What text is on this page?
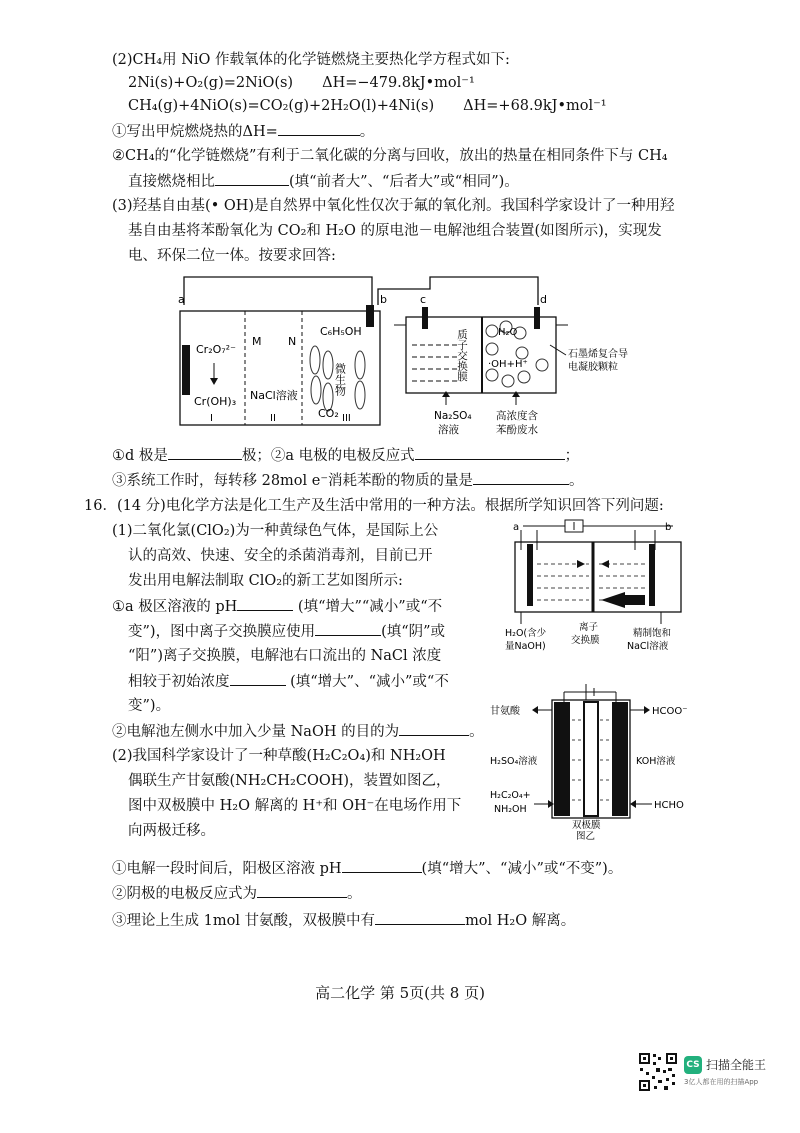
(2)CH₄用 NiO 作载氧体的化学链燃烧主要热化学方程式如下:
2Ni(s)+O₂(g)=2NiO(s)　　ΔH=−479.8kJ•mol⁻¹
CH₄(g)+4NiO(s)=CO₂(g)+2H₂O(l)+4Ni(s)　　ΔH=+68.9kJ•mol⁻¹
①写出甲烷燃烧热的ΔH=	。
②CH₄的“化学链燃烧”有利于二氧化碳的分离与回收，放出的热量在相同条件下与 CH₄
直接燃烧相比	(填“前者大”、“后者大”或“相同”)。
(3)羟基自由基(• OH)是自然界中氧化性仅次于氟的氧化剂。我国科学家设计了一种用羟
基自由基将苯酚氧化为 CO₂和 H₂O 的原电池－电解池组合装置(如图所示)，实现发
电、环保二位一体。按要求回答:
a	b	c	d
Cr₂O₇²⁻
Cr(OH)₃
M N
NaCl溶液
C₆H₅OH
微生物
CO₂
I	II	III
质子交换膜	H₂O
·OH+H⁺
石墨烯复合导
电凝胶颗粒
Na₂SO₄
溶液
高浓度含
苯酚废水
①d 极是	极；②a 电极的电极反应式	；
③系统工作时，每转移 28mol e⁻消耗苯酚的物质的量是	。
16．(14 分)电化学方法是化工生产及生活中常用的一种方法。根据所学知识回答下列问题:
(1)二氧化氯(ClO₂)为一种黄绿色气体，是国际上公
认的高效、快速、安全的杀菌消毒剂，目前已开
发出用电解法制取 ClO₂的新工艺如图所示:
①a 极区溶液的 pH	(填“增大”“减小”或“不
变”)，图中离子交换膜应使用	(填“阴”或
“阳”)离子交换膜，电解池右口流出的 NaCl 浓度
相较于初始浓度	(填“增大”、“减小”或“不
变”)。
②电解池左侧水中加入少量 NaOH 的目的为	。
(2)我国科学家设计了一种草酸(H₂C₂O₄)和 NH₂OH
偶联生产甘氨酸(NH₂CH₂COOH)，装置如图乙，
图中双极膜中 H₂O 解离的 H⁺和 OH⁻在电场作用下
向两极迁移。
①电解一段时间后，阳极区溶液 pH	(填“增大”、“减小”或“不变”)。
②阴极的电极反应式为	。
③理论上生成 1mol 甘氨酸，双极膜中有	mol H₂O 解离。
a	b
H₂O(含少
量NaOH)
离子
交换膜
精制饱和
NaCl溶液
甘氨酸	HCOO⁻
H₂SO₄溶液	KOH溶液
H₂C₂O₄+
NH₂OH	HCHO
双极膜
图乙
高二化学 第 5页(共 8 页)
CS 扫描全能王
3亿人都在用的扫描App
